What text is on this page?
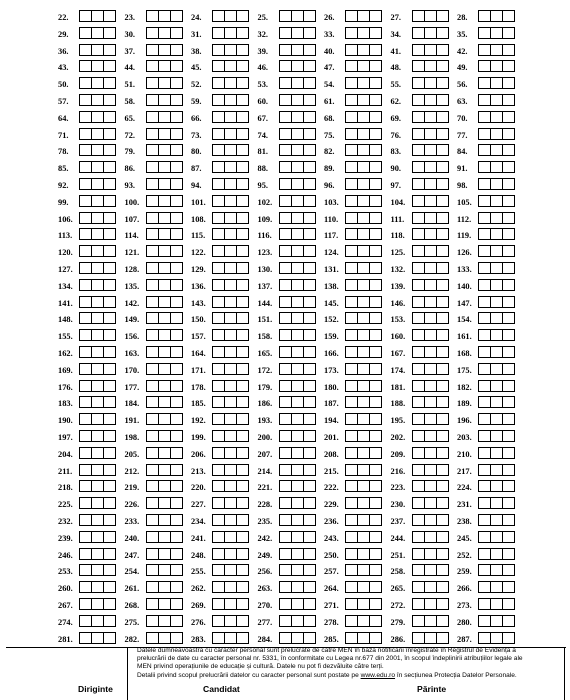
22.	23.	24.	25.	26.	27.	28.
29.	30.	31.	32.	33.	34.	35.
36.	37.	38.	39.	40.	41.	42.
43.	44.	45.	46.	47.	48.	49.
50.	51.	52.	53.	54.	55.	56.
57.	58.	59.	60.	61.	62.	63.
64.	65.	66.	67.	68.	69.	70.
71.	72.	73.	74.	75.	76.	77.
78.	79.	80.	81.	82.	83.	84.
85.	86.	87.	88.	89.	90.	91.
92.	93.	94.	95.	96.	97.	98.
99.	100.	101.	102.	103.	104.	105.
106.	107.	108.	109.	110.	111.	112.
113.	114.	115.	116.	117.	118.	119.
120.	121.	122.	123.	124.	125.	126.
127.	128.	129.	130.	131.	132.	133.
134.	135.	136.	137.	138.	139.	140.
141.	142.	143.	144.	145.	146.	147.
148.	149.	150.	151.	152.	153.	154.
155.	156.	157.	158.	159.	160.	161.
162.	163.	164.	165.	166.	167.	168.
169.	170.	171.	172.	173.	174.	175.
176.	177.	178.	179.	180.	181.	182.
183.	184.	185.	186.	187.	188.	189.
190.	191.	192.	193.	194.	195.	196.
197.	198.	199.	200.	201.	202.	203.
204.	205.	206.	207.	208.	209.	210.
211.	212.	213.	214.	215.	216.	217.
218.	219.	220.	221.	222.	223.	224.
225.	226.	227.	228.	229.	230.	231.
232.	233.	234.	235.	236.	237.	238.
239.	240.	241.	242.	243.	244.	245.
246.	247.	248.	249.	250.	251.	252.
253.	254.	255.	256.	257.	258.	259.
260.	261.	262.	263.	264.	265.	266.
267.	268.	269.	270.	271.	272.	273.
274.	275.	276.	277.	278.	279.	280.
281.	282.	283.	284.	285.	286.	287.
Datele dumneavoastră cu caracter personal sunt prelucrate de către MEN în baza notificării înregistrate în Registrul de Evidență a
prelucrării de date cu caracter personal nr. 5331, în conformitate cu Legea nr.677 din 2001, în scopul îndeplinirii atribuțiilor legale ale
MEN privind operațiunile de educație și cultură. Datele nu pot fi dezvăluite către terți.
Detalii privind scopul prelucrării datelor cu caracter personal sunt postate pe www.edu.ro în secțiunea Protecția Datelor Personale.
Diriginte	Candidat	Părinte
